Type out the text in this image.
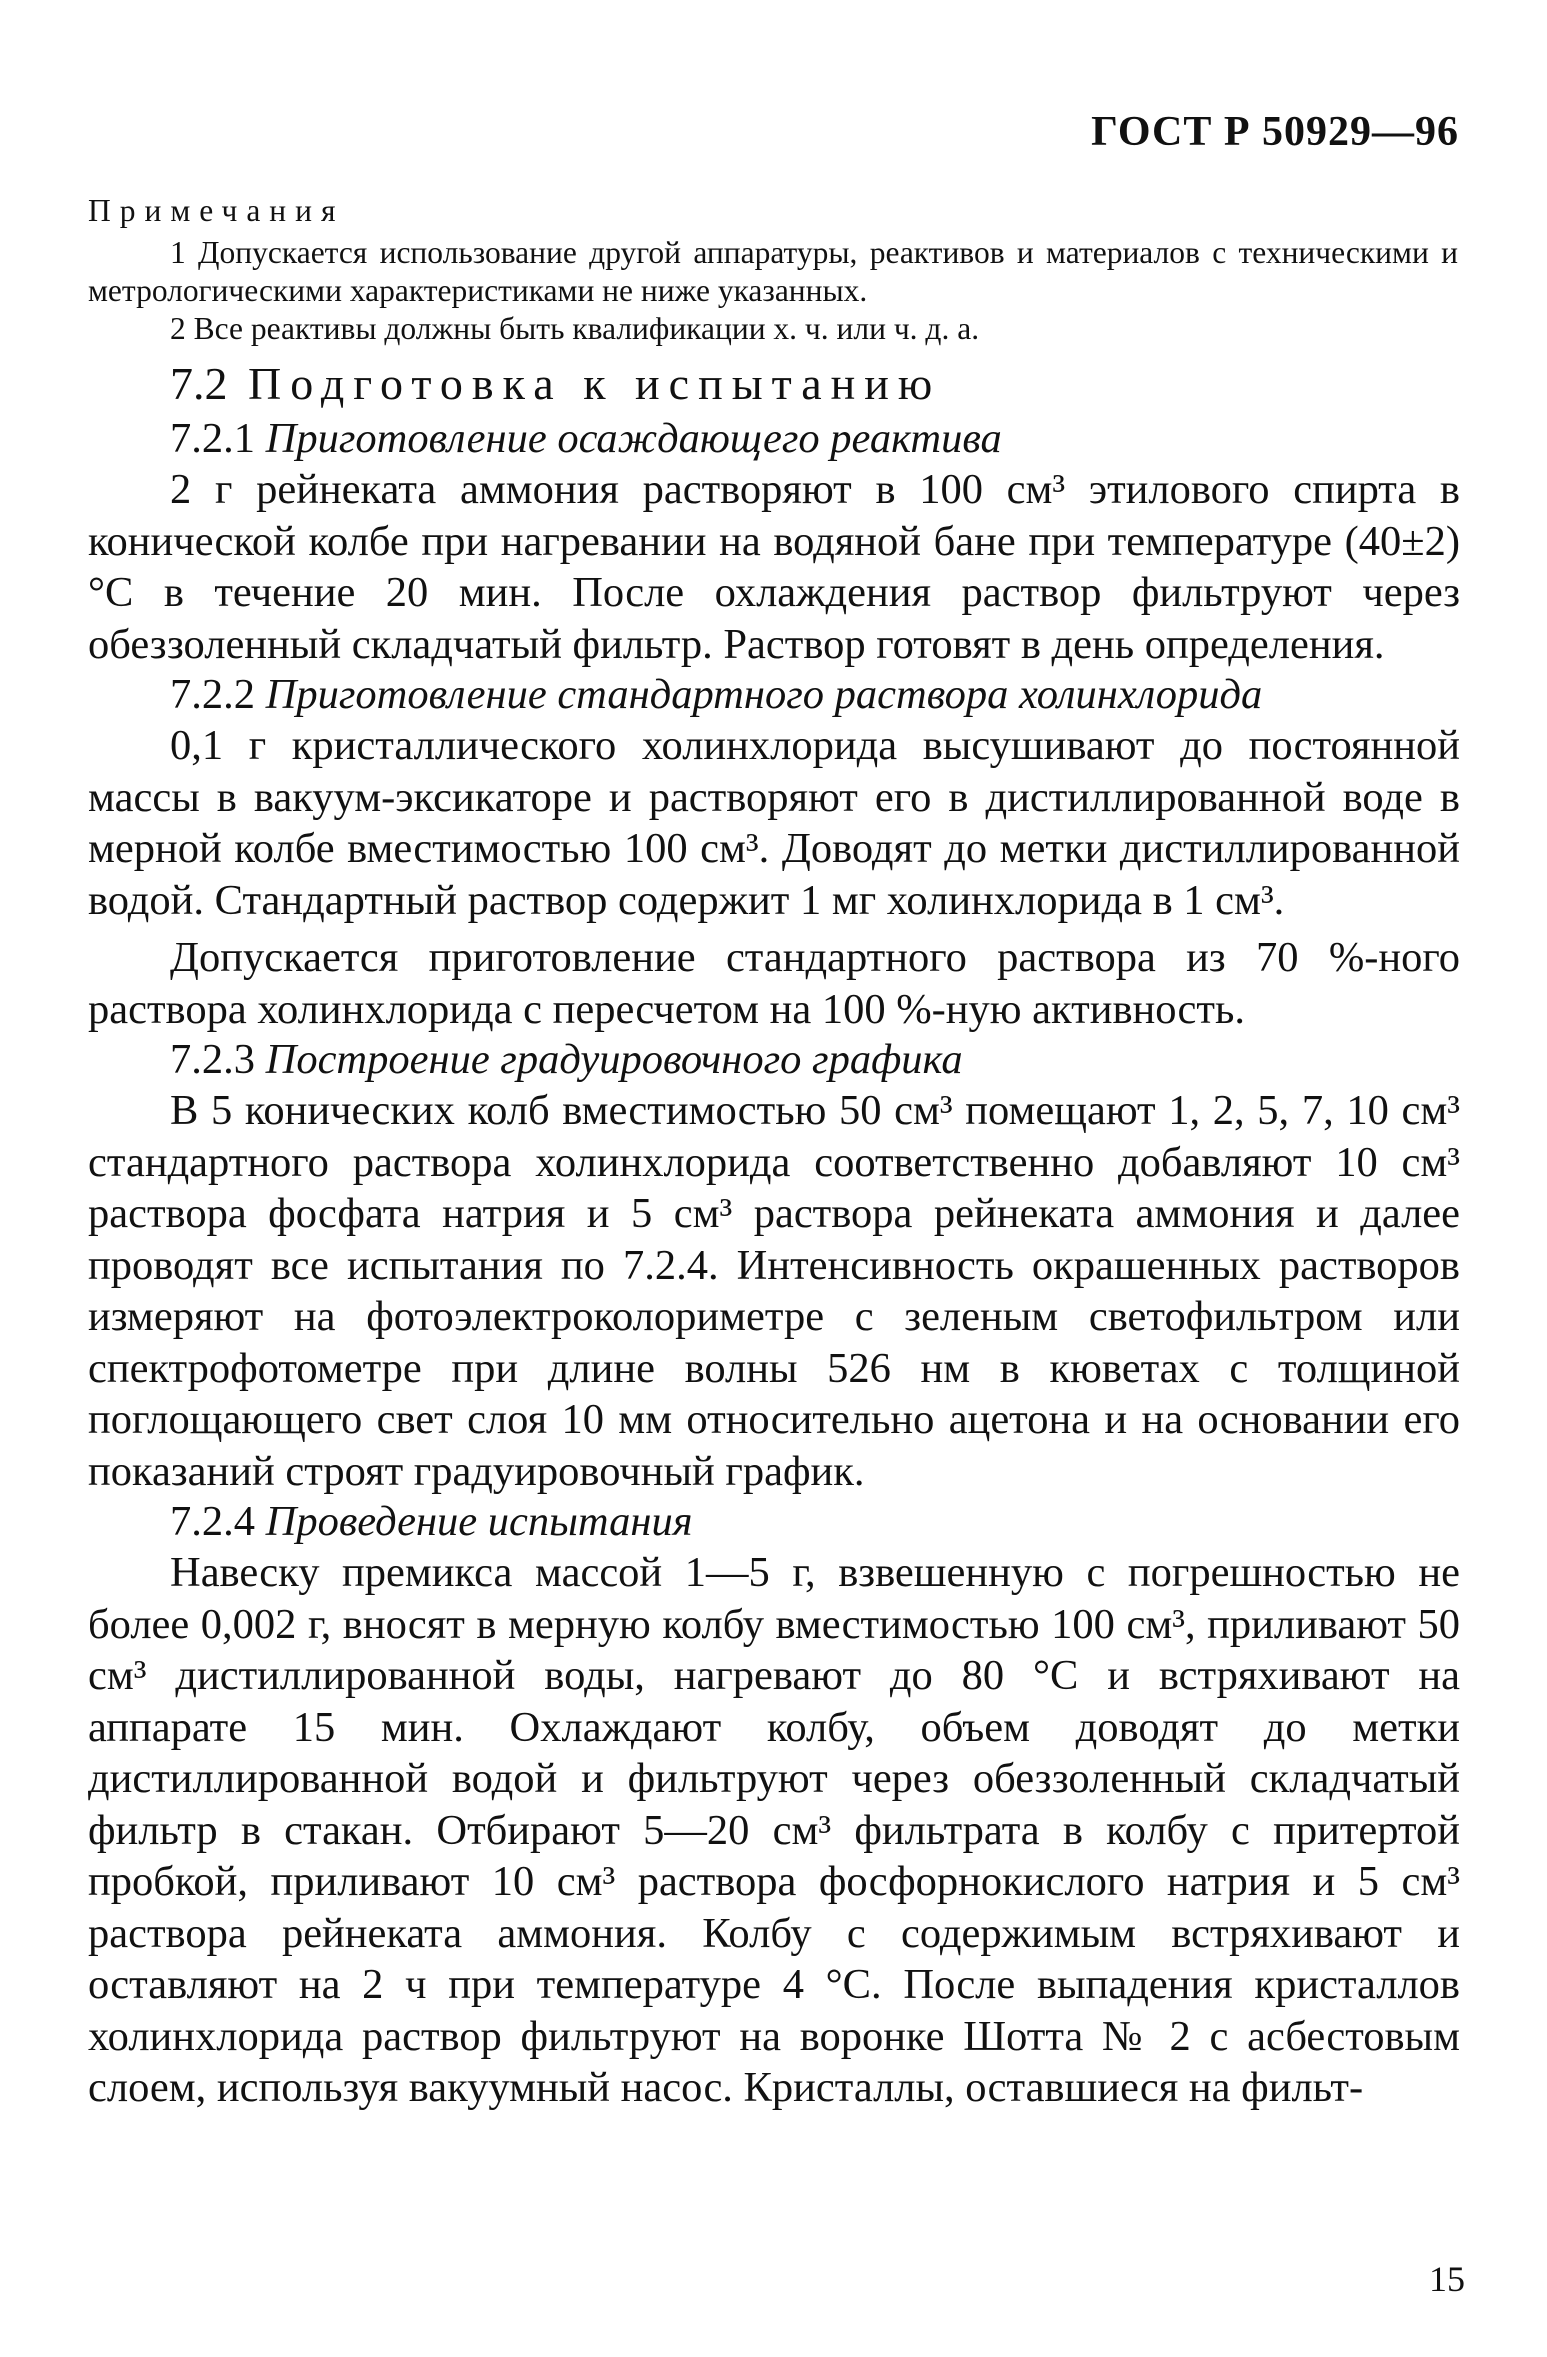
ГОСТ Р 50929—96
Примечания
1 Допускается использование другой аппаратуры, реактивов и материалов с техническими и метрологическими характеристиками не ниже указанных.
2 Все реактивы должны быть квалификации х. ч. или ч. д. а.
7.2 Подготовка к испытанию
7.2.1 Приготовление осаждающего реактива

2 г рейнеката аммония растворяют в 100 см³ этилового спирта в конической колбе при нагревании на водяной бане при температуре (40±2) °С в течение 20 мин. После охлаждения раствор фильтруют через обеззоленный складчатый фильтр. Раствор готовят в день определения.

7.2.2 Приготовление стандартного раствора холинхлорида

0,1 г кристаллического холинхлорида высушивают до постоянной массы в вакуум-эксикаторе и растворяют его в дистиллированной воде в мерной колбе вместимостью 100 см³. Доводят до метки дистиллированной водой. Стандартный раствор содержит 1 мг холинхлорида в 1 см³.

Допускается приготовление стандартного раствора из 70 %-ного раствора холинхлорида с пересчетом на 100 %-ную активность.

7.2.3 Построение градуировочного графика

В 5 конических колб вместимостью 50 см³ помещают 1, 2, 5, 7, 10 см³ стандартного раствора холинхлорида соответственно добавляют 10 см³ раствора фосфата натрия и 5 см³ раствора рейнеката аммония и далее проводят все испытания по 7.2.4. Интенсивность окрашенных растворов измеряют на фотоэлектроколориметре с зеленым светофильтром или спектрофотометре при длине волны 526 нм в кюветах с толщиной поглощающего свет слоя 10 мм относительно ацетона и на основании его показаний строят градуировочный график.

7.2.4 Проведение испытания

Навеску премикса массой 1—5 г, взвешенную с погрешностью не более 0,002 г, вносят в мерную колбу вместимостью 100 см³, приливают 50 см³ дистиллированной воды, нагревают до 80 °С и встряхивают на аппарате 15 мин. Охлаждают колбу, объем доводят до метки дистиллированной водой и фильтруют через обеззоленный складчатый фильтр в стакан. Отбирают 5—20 см³ фильтрата в колбу с притертой пробкой, приливают 10 см³ раствора фосфорнокислого натрия и 5 см³ раствора рейнеката аммония. Колбу с содержимым встряхивают и оставляют на 2 ч при температуре 4 °С. После выпадения кристаллов холинхлорида раствор фильтруют на воронке Шотта № 2 с асбестовым слоем, используя вакуумный насос. Кристаллы, оставшиеся на фильт-

15
